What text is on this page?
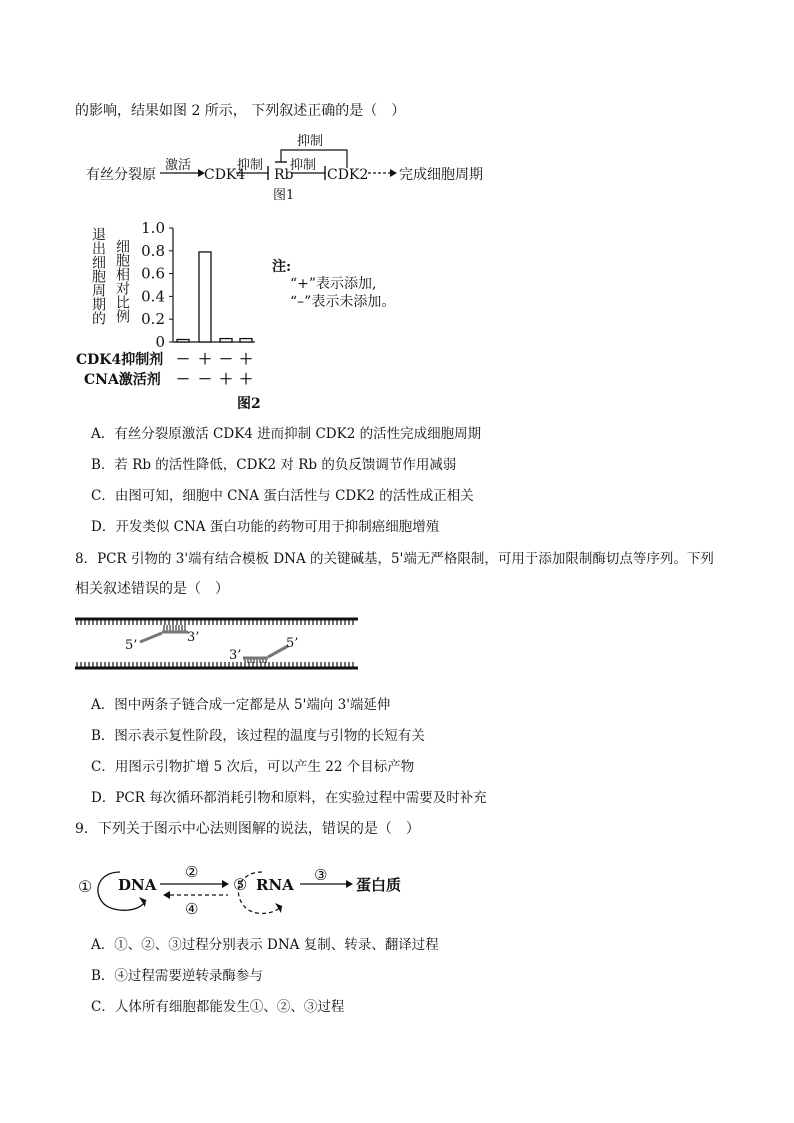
的影响，结果如图 2 所示， 下列叙述正确的是（　）
有丝分裂原
激活
CDK4
抑制
Rb
抑制
CDK2
抑制
完成细胞周期
图1
退出细胞周期的 细胞相对比例
1.0
0.8
0.6
0.4
0.2
0
注:
“+”表示添加,
“–”表示未添加。
CDK4抑制剂
CNA激活剂
－ ＋ － ＋
－ － ＋ ＋
图2
A．有丝分裂原激活 CDK4 进而抑制 CDK2 的活性完成细胞周期
B．若 Rb 的活性降低，CDK2 对 Rb 的负反馈调节作用减弱
C．由图可知，细胞中 CNA 蛋白活性与 CDK2 的活性成正相关
D．开发类似 CNA 蛋白功能的药物可用于抑制癌细胞增殖
8．PCR 引物的 3'端有结合模板 DNA 的关键碱基，5'端无严格限制，可用于添加限制酶切点等序列。下列
相关叙述错误的是（　）
5’
3’
3’
5’
A．图中两条子链合成一定都是从 5'端向 3'端延伸
B．图示表示复性阶段，该过程的温度与引物的长短有关
C．用图示引物扩增 5 次后，可以产生 22 个目标产物
D．PCR 每次循环都消耗引物和原料，在实验过程中需要及时补充
9．下列关于图示中心法则图解的说法，错误的是（　）
① DNA
②
④
⑤ RNA
③
蛋白质
A．①、②、③过程分别表示 DNA 复制、转录、翻译过程
B．④过程需要逆转录酶参与
C．人体所有细胞都能发生①、②、③过程
